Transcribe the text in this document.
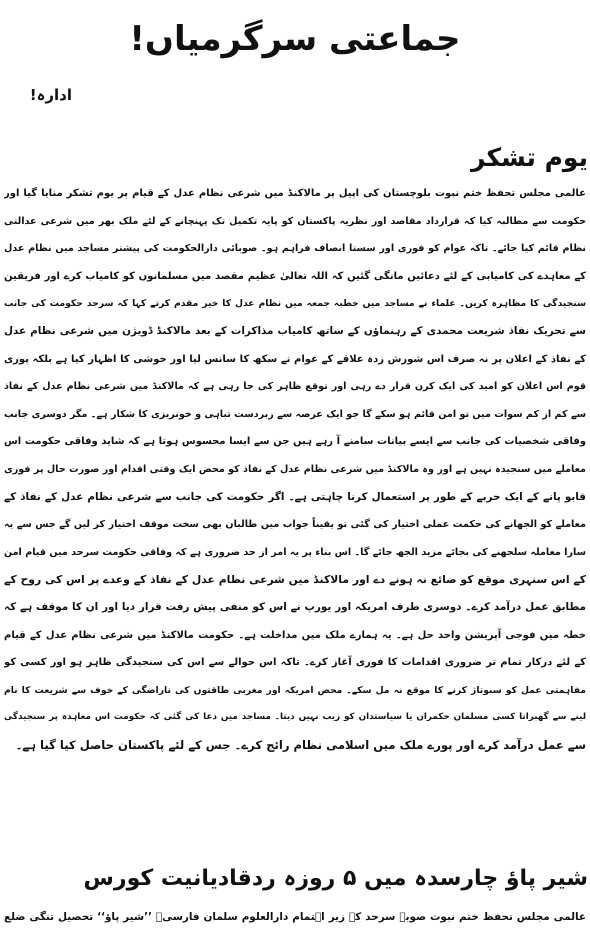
جماعتی سرگرمیاں!
ادارہ!
یوم تشکر
عالمی مجلس تحفظ ختم نبوت بلوچستان کی اپیل پر مالاکنڈ میں شرعی نظام عدل کے قیام پر یوم تشکر منایا گیا اور
حکومت سے مطالبہ کیا کہ قرارداد مقاصد اور نظریہ پاکستان کو پایہ تکمیل تک پہنچانے کے لئے ملک بھر میں شرعی عدالتی
نظام قائم کیا جائے۔ تاکہ عوام کو فوری اور سستا انصاف فراہم ہو۔ صوبائی دارالحکومت کی پیشتر مساجد میں نظام عدل
کے معاہدے کی کامیابی کے لئے دعائیں مانگی گئیں کہ اللہ تعالیٰ عظیم مقصد میں مسلمانوں کو کامیاب کرے اور فریقین
سنجیدگی کا مظاہرہ کریں۔ علماء نے مساجد میں خطبہ جمعہ میں نظام عدل کا خیر مقدم کرتے کہا کہ سرحد حکومت کی جانب
سے تحریک نفاذ شریعت محمدی کے رہنماؤں کے ساتھ کامیاب مذاکرات کے بعد مالاکنڈ ڈویژن میں شرعی نظام عدل
کے نفاذ کے اعلان پر نہ صرف اس شورش زدہ علاقے کے عوام نے سکھ کا سانس لیا اور خوشی کا اظہار کیا ہے بلکہ پوری
قوم اس اعلان کو امید کی ایک کرن قرار دے رہی اور توقع ظاہر کی جا رہی ہے کہ مالاکنڈ میں شرعی نظام عدل کے نفاذ
سے کم از کم سوات میں تو امن قائم ہو سکے گا جو ایک عرصہ سے زبردست تباہی و خونریزی کا شکار ہے۔ مگر دوسری جانب
وفاقی شخصیات کی جانب سے ایسے بیانات سامنے آ رہے ہیں جن سے ایسا محسوس ہوتا ہے کہ شاید وفاقی حکومت اس
معاملے میں سنجیدہ نہیں ہے اور وہ مالاکنڈ میں شرعی نظام عدل کے نفاذ کو محض ایک وقتی اقدام اور صورت حال پر فوری
قابو پانے کے ایک حربے کے طور پر استعمال کرنا چاہتی ہے۔ اگر حکومت کی جانب سے شرعی نظام عدل کے نفاذ کے
معاملے کو الجھانے کی حکمت عملی اختیار کی گئی تو یقیناً جواب میں طالبان بھی سخت موقف اختیار کر لیں گے جس سے یہ
سارا معاملہ سلجھنے کی بجائے مزید الجھ جائے گا۔ اس بناء پر یہ امر از حد ضروری ہے کہ وفاقی حکومت سرحد میں قیام امن
کے اس سنہری موقع کو ضائع نہ ہونے دے اور مالاکنڈ میں شرعی نظام عدل کے نفاذ کے وعدے پر اس کی روح کے
مطابق عمل درآمد کرے۔ دوسری طرف امریکہ اور یورپ نے اس کو منفی پیش رفت قرار دیا اور ان کا موقف ہے کہ
خطہ میں فوجی آپریشن واحد حل ہے۔ یہ ہمارے ملک میں مداخلت ہے۔ حکومت مالاکنڈ میں شرعی نظام عدل کے قیام
کے لئے درکار تمام تر ضروری اقدامات کا فوری آغاز کرے۔ تاکہ اس حوالے سے اس کی سنجیدگی ظاہر ہو اور کسی کو
مفاہمتی عمل کو سبوتاژ کرنے کا موقع نہ مل سکے۔ محض امریکہ اور مغربی طاقتوں کی ناراضگی کے خوف سے شریعت کا نام
لینے سے گھبرانا کسی مسلمان حکمران یا سیاستدان کو زیب نہیں دیتا۔ مساجد میں دعا کی گئی کہ حکومت اس معاہدہ پر سنجیدگی
سے عمل درآمد کرے اور پورے ملک میں اسلامی نظام رائج کرے۔ جس کے لئے پاکستان حاصل کیا گیا ہے۔
شیر پاؤ چارسدہ میں ۵ روزہ ردقادیانیت کورس
عالمی مجلس تحفظ ختم نبوت صوبہ سرحد کے زیر اہتمام دارالعلوم سلمان فارسیؓ ’’شیر پاؤ‘‘ تحصیل تنگی ضلع
